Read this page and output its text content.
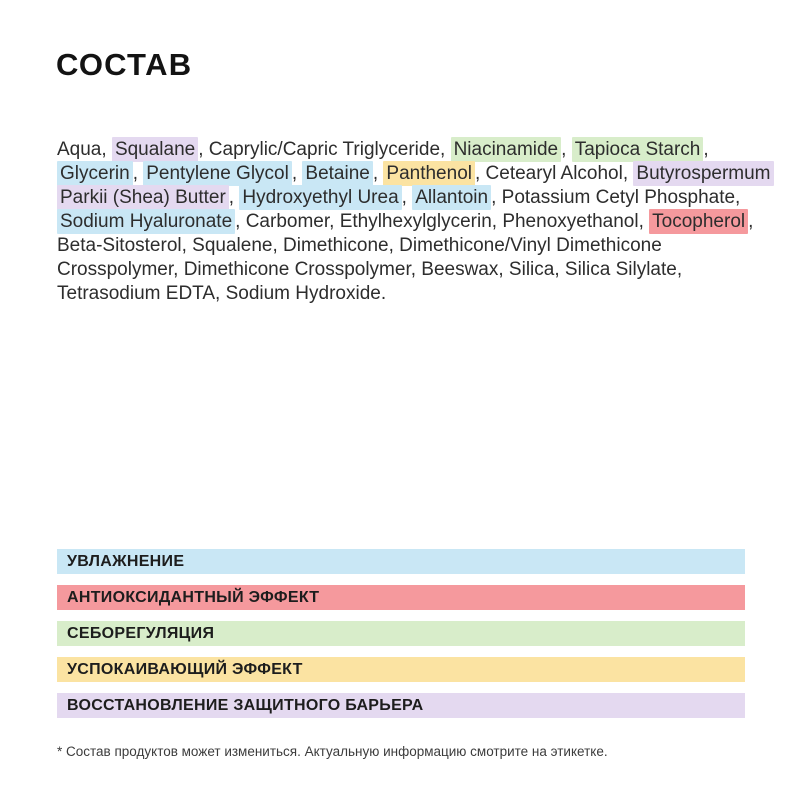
СОСТАВ
Aqua, Squalane , Caprylic/Capric Triglyceride, Niacinamide , Tapioca Starch ,
Glycerin , Pentylene Glycol , Betaine , Panthenol , Cetearyl Alcohol, Butyrospermum
Parkii (Shea) Butter , Hydroxyethyl Urea , Allantoin , Potassium Cetyl Phosphate,
Sodium Hyaluronate , Carbomer, Ethylhexylglycerin, Phenoxyethanol, Tocopherol ,
Beta-Sitosterol, Squalene, Dimethicone, Dimethicone/Vinyl Dimethicone
Crosspolymer, Dimethicone Crosspolymer, Beeswax, Silica, Silica Silylate,
Tetrasodium EDTA, Sodium Hydroxide.
УВЛАЖНЕНИЕ
АНТИОКСИДАНТНЫЙ ЭФФЕКТ
СЕБОРЕГУЛЯЦИЯ
УСПОКАИВАЮЩИЙ ЭФФЕКТ
ВОССТАНОВЛЕНИЕ ЗАЩИТНОГО БАРЬЕРА
* Состав продуктов может измениться. Актуальную информацию смотрите на этикетке.
